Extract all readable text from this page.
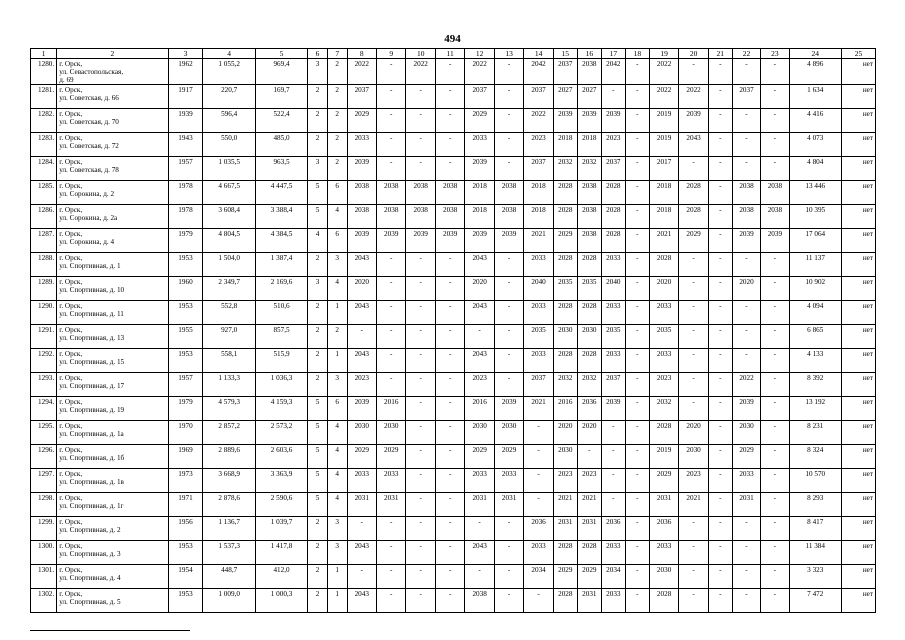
494
1	2	3	4	5	6	7	8	9	10	11	12	13	14	15	16	17	18	19	20	21	22	23	24	25
1280.	г. Орск,
ул. Севастопольская,
д. 69	1962	1 055,2	969,4	3	2	2022	-	2022	-	2022	-	2042	2037	2038	2042	-	2022	-	-	-	-	4 896	нет
1281.	г. Орск,
ул. Советская, д. 66	1917	220,7	169,7	2	2	2037	-	-	-	2037	-	2037	2027	2027	-	-	2022	2022	-	2037	-	1 634	нет
1282.	г. Орск,
ул. Советская, д. 70	1939	596,4	522,4	2	2	2029	-	-	-	2029	-	2022	2039	2039	2039	-	2019	2039	-	-	-	4 416	нет
1283.	г. Орск,
ул. Советская, д. 72	1943	550,0	485,0	2	2	2033	-	-	-	2033	-	2023	2018	2018	2023	-	2019	2043	-	-	-	4 073	нет
1284.	г. Орск,
ул. Советская, д. 78	1957	1 035,5	963,5	3	2	2039	-	-	-	2039	-	2037	2032	2032	2037	-	2017	-	-	-	-	4 804	нет
1285.	г. Орск,
ул. Сорокина, д. 2	1978	4 667,5	4 447,5	5	6	2038	2038	2038	2038	2018	2038	2018	2028	2038	2028	-	2018	2028	-	2038	2038	13 446	нет
1286.	г. Орск,
ул. Сорокина, д. 2а	1978	3 608,4	3 388,4	5	4	2038	2038	2038	2038	2018	2038	2018	2028	2038	2028	-	2018	2028	-	2038	2038	10 395	нет
1287.	г. Орск,
ул. Сорокина, д. 4	1979	4 804,5	4 384,5	4	6	2039	2039	2039	2039	2039	2039	2021	2029	2038	2028	-	2021	2029	-	2039	2039	17 064	нет
1288.	г. Орск,
ул. Спортивная, д. 1	1953	1 504,0	1 387,4	2	3	2043	-	-	-	2043	-	2033	2028	2028	2033	-	2028	-	-	-	-	11 137	нет
1289.	г. Орск,
ул. Спортивная, д. 10	1960	2 349,7	2 169,6	3	4	2020	-	-	-	2020	-	2040	2035	2035	2040	-	2020	-	-	2020	-	10 902	нет
1290.	г. Орск,
ул. Спортивная, д. 11	1953	552,8	510,6	2	1	2043	-	-	-	2043	-	2033	2028	2028	2033	-	2033	-	-	-	-	4 094	нет
1291.	г. Орск,
ул. Спортивная, д. 13	1955	927,0	857,5	2	2	-	-	-	-	-	-	2035	2030	2030	2035	-	2035	-	-	-	-	6 865	нет
1292.	г. Орск,
ул. Спортивная, д. 15	1953	558,1	515,9	2	1	2043	-	-	-	2043	-	2033	2028	2028	2033	-	2033	-	-	-	-	4 133	нет
1293.	г. Орск,
ул. Спортивная, д. 17	1957	1 133,3	1 036,3	2	3	2023	-	-	-	2023	-	2037	2032	2032	2037	-	2023	-	-	2022	-	8 392	нет
1294.	г. Орск,
ул. Спортивная, д. 19	1979	4 579,3	4 159,3	5	6	2039	2016	-	-	2016	2039	2021	2016	2036	2039	-	2032	-	-	2039	-	13 192	нет
1295.	г. Орск,
ул. Спортивная, д. 1а	1970	2 857,2	2 573,2	5	4	2030	2030	-	-	2030	2030	-	2020	2020	-	-	2028	2020	-	2030	-	8 231	нет
1296.	г. Орск,
ул. Спортивная, д. 1б	1969	2 889,6	2 603,6	5	4	2029	2029	-	-	2029	2029	-	2030	-	-	-	2019	2030	-	2029	-	8 324	нет
1297.	г. Орск,
ул. Спортивная, д. 1в	1973	3 668,9	3 363,9	5	4	2033	2033	-	-	2033	2033	-	2023	2023	-	-	2029	2023	-	2033	-	10 570	нет
1298.	г. Орск,
ул. Спортивная, д. 1г	1971	2 878,6	2 590,6	5	4	2031	2031	-	-	2031	2031	-	2021	2021	-	-	2031	2021	-	2031	-	8 293	нет
1299.	г. Орск,
ул. Спортивная, д. 2	1956	1 136,7	1 039,7	2	3	-	-	-	-	-	-	2036	2031	2031	2036	-	2036	-	-	-	-	8 417	нет
1300.	г. Орск,
ул. Спортивная, д. 3	1953	1 537,3	1 417,8	2	3	2043	-	-	-	2043	-	2033	2028	2028	2033	-	2033	-	-	-	-	11 384	нет
1301.	г. Орск,
ул. Спортивная, д. 4	1954	448,7	412,0	2	1	-	-	-	-	-	-	2034	2029	2029	2034	-	2030	-	-	-	-	3 323	нет
1302.	г. Орск,
ул. Спортивная, д. 5	1953	1 009,0	1 000,3	2	1	2043	-	-	-	2038	-	-	2028	2031	2033	-	2028	-	-	-	-	7 472	нет
